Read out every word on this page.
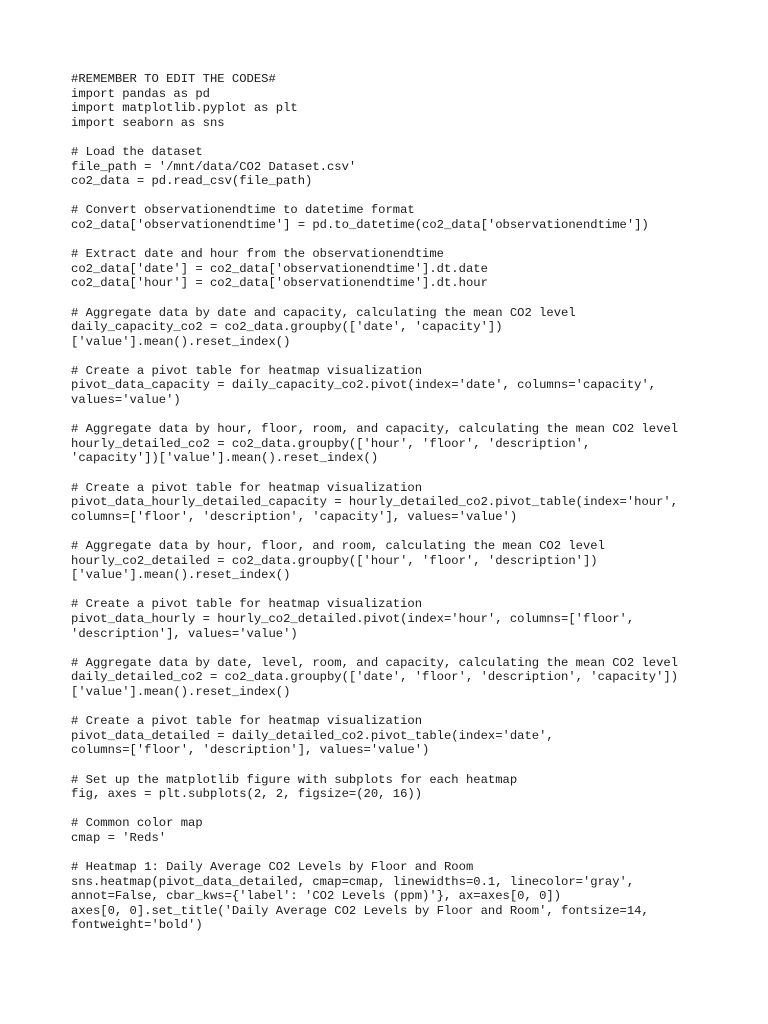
#REMEMBER TO EDIT THE CODES#
import pandas as pd
import matplotlib.pyplot as plt
import seaborn as sns
# Load the dataset
file_path = '/mnt/data/CO2 Dataset.csv'
co2_data = pd.read_csv(file_path)
# Convert observationendtime to datetime format
co2_data['observationendtime'] = pd.to_datetime(co2_data['observationendtime'])
# Extract date and hour from the observationendtime
co2_data['date'] = co2_data['observationendtime'].dt.date
co2_data['hour'] = co2_data['observationendtime'].dt.hour
# Aggregate data by date and capacity, calculating the mean CO2 level
daily_capacity_co2 = co2_data.groupby(['date', 'capacity'])
['value'].mean().reset_index()
# Create a pivot table for heatmap visualization
pivot_data_capacity = daily_capacity_co2.pivot(index='date', columns='capacity',
values='value')
# Aggregate data by hour, floor, room, and capacity, calculating the mean CO2 level
hourly_detailed_co2 = co2_data.groupby(['hour', 'floor', 'description',
'capacity'])['value'].mean().reset_index()
# Create a pivot table for heatmap visualization
pivot_data_hourly_detailed_capacity = hourly_detailed_co2.pivot_table(index='hour',
columns=['floor', 'description', 'capacity'], values='value')
# Aggregate data by hour, floor, and room, calculating the mean CO2 level
hourly_co2_detailed = co2_data.groupby(['hour', 'floor', 'description'])
['value'].mean().reset_index()
# Create a pivot table for heatmap visualization
pivot_data_hourly = hourly_co2_detailed.pivot(index='hour', columns=['floor',
'description'], values='value')
# Aggregate data by date, level, room, and capacity, calculating the mean CO2 level
daily_detailed_co2 = co2_data.groupby(['date', 'floor', 'description', 'capacity'])
['value'].mean().reset_index()
# Create a pivot table for heatmap visualization
pivot_data_detailed = daily_detailed_co2.pivot_table(index='date',
columns=['floor', 'description'], values='value')
# Set up the matplotlib figure with subplots for each heatmap
fig, axes = plt.subplots(2, 2, figsize=(20, 16))
# Common color map
cmap = 'Reds'
# Heatmap 1: Daily Average CO2 Levels by Floor and Room
sns.heatmap(pivot_data_detailed, cmap=cmap, linewidths=0.1, linecolor='gray',
annot=False, cbar_kws={'label': 'CO2 Levels (ppm)'}, ax=axes[0, 0])
axes[0, 0].set_title('Daily Average CO2 Levels by Floor and Room', fontsize=14,
fontweight='bold')
